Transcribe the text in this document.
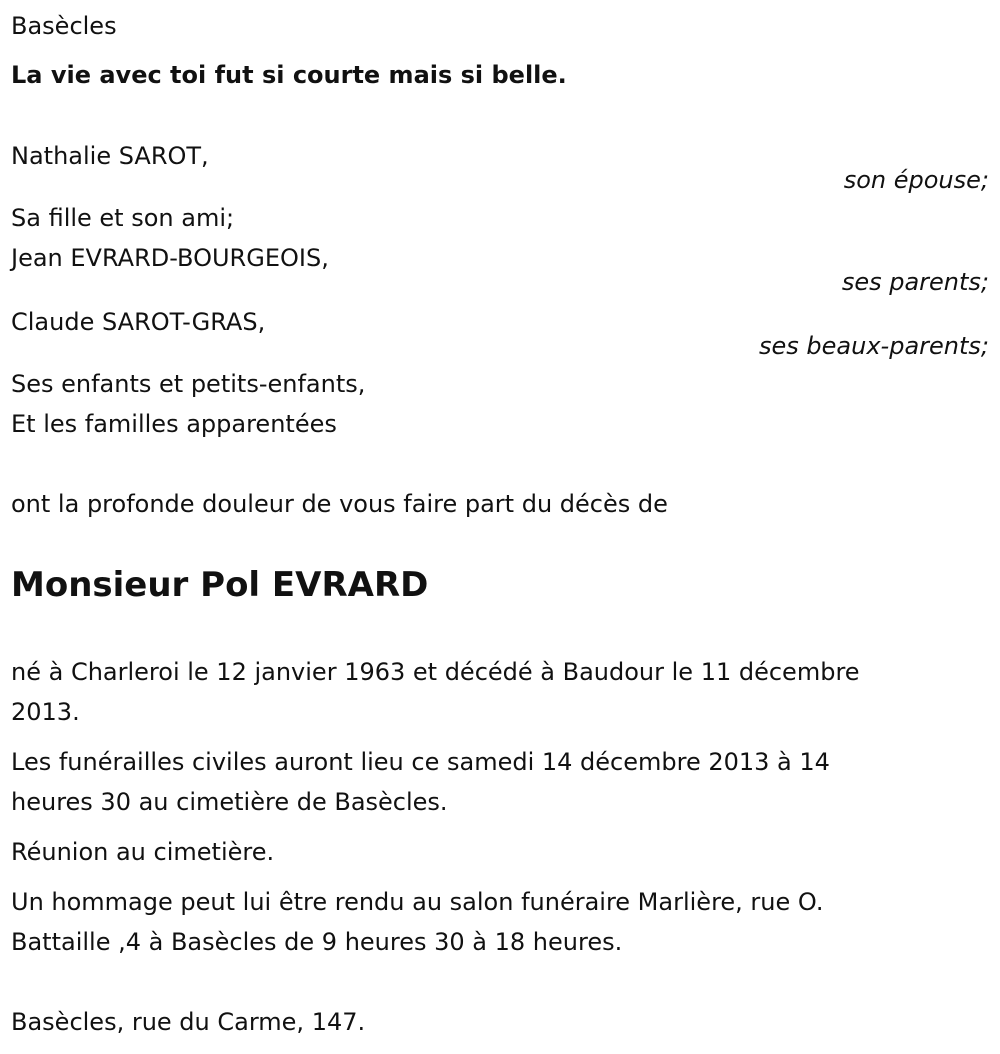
Basècles
La vie avec toi fut si courte mais si belle.
Nathalie SAROT,
son épouse;
Sa fille et son ami;
Jean EVRARD-BOURGEOIS,
ses parents;
Claude SAROT-GRAS,
ses beaux-parents;
Ses enfants et petits-enfants,
Et les familles apparentées
ont la profonde douleur de vous faire part du décès de
Monsieur Pol EVRARD
né à Charleroi le 12 janvier 1963 et décédé à Baudour le 11 décembre
2013.
Les funérailles civiles auront lieu ce samedi 14 décembre 2013 à 14
heures 30 au cimetière de Basècles.
Réunion au cimetière.
Un hommage peut lui être rendu au salon funéraire Marlière, rue O.
Battaille ,4 à Basècles de 9 heures 30 à 18 heures.
Basècles, rue du Carme, 147.
